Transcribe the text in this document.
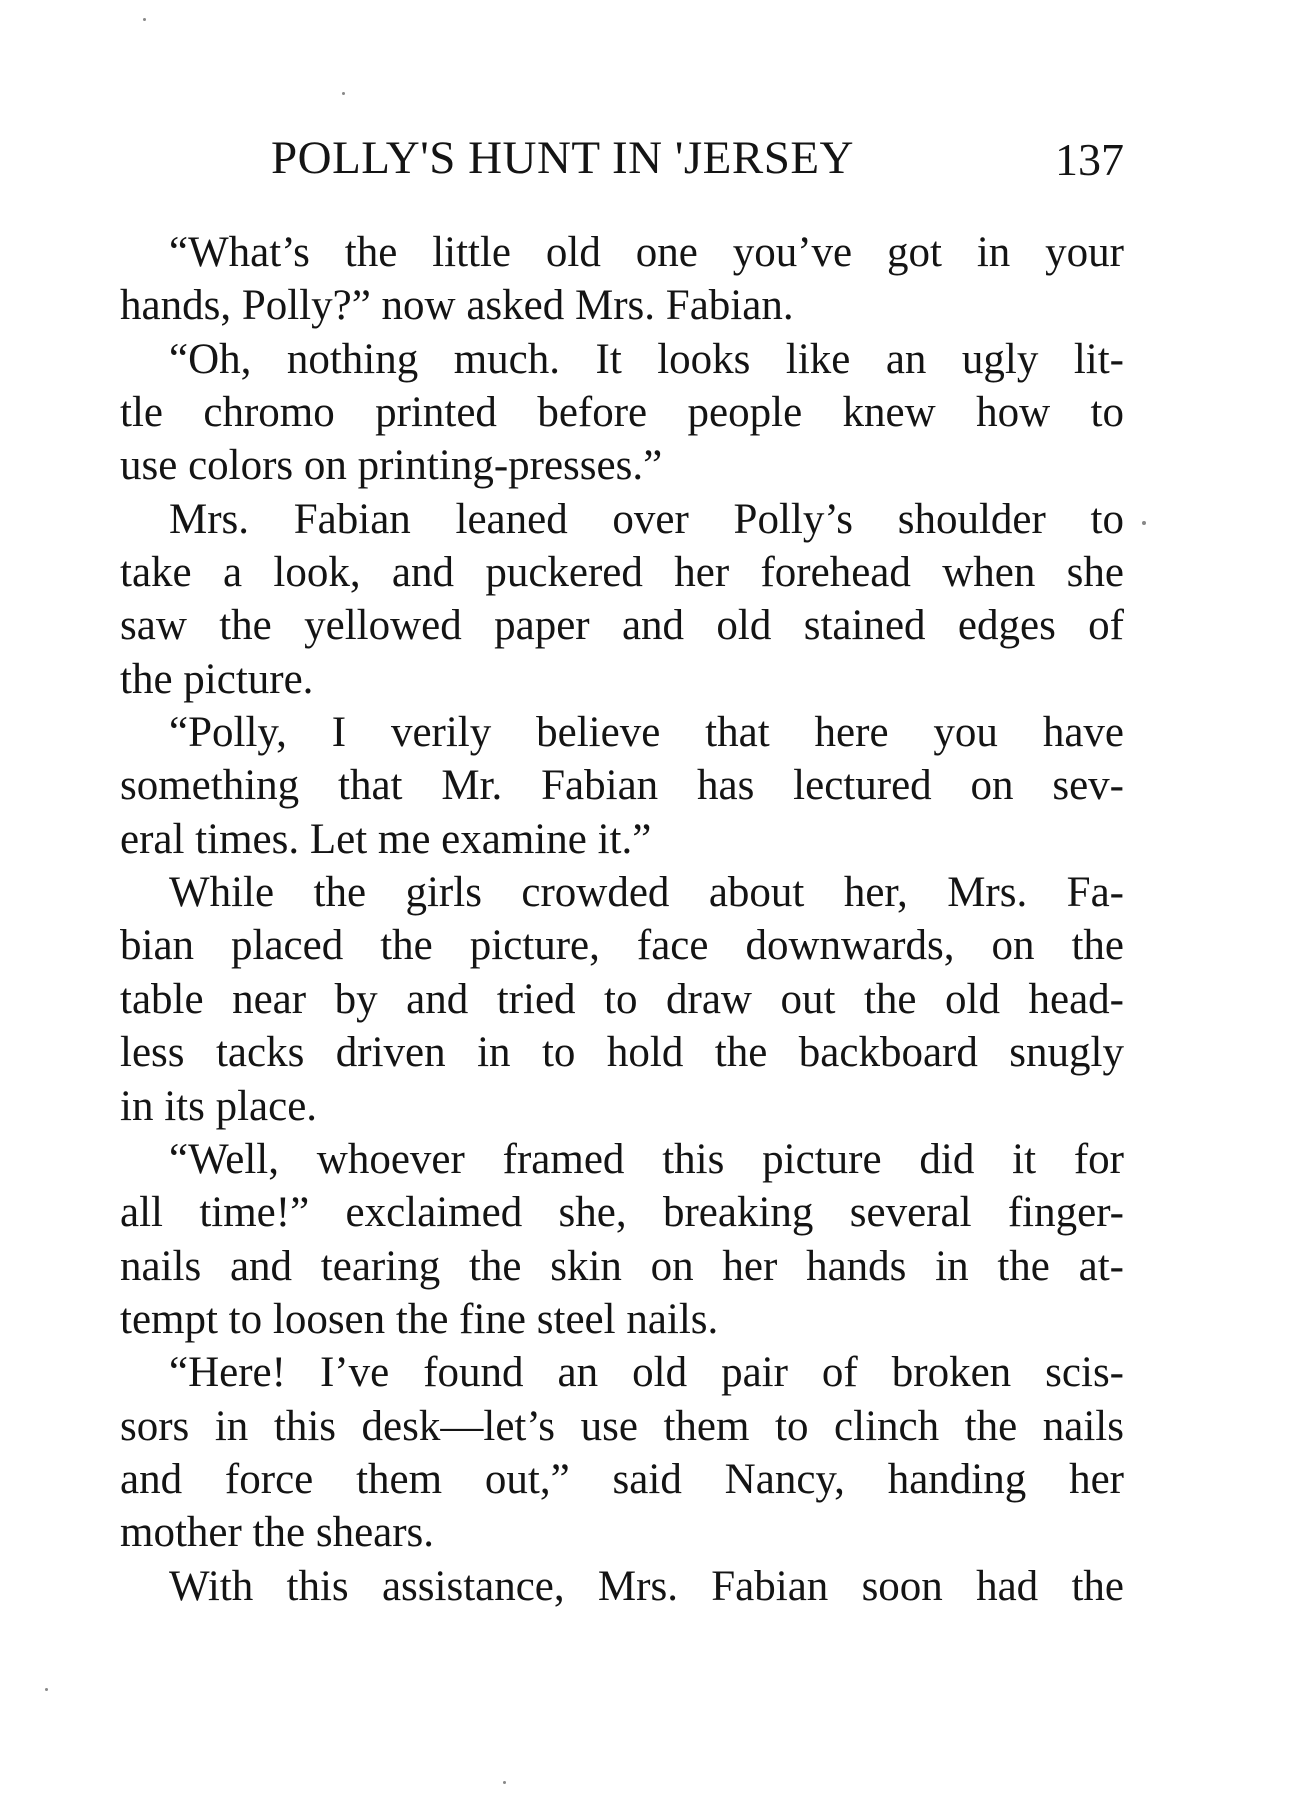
POLLY'S HUNT IN 'JERSEY	137
“What’s the little old one you’ve got in your
hands, Polly?” now asked Mrs. Fabian.
“Oh, nothing much. It looks like an ugly lit-
tle chromo printed before people knew how to
use colors on printing-presses.”
Mrs. Fabian leaned over Polly’s shoulder to
take a look, and puckered her forehead when she
saw the yellowed paper and old stained edges of
the picture.
“Polly, I verily believe that here you have
something that Mr. Fabian has lectured on sev-
eral times. Let me examine it.”
While the girls crowded about her, Mrs. Fa-
bian placed the picture, face downwards, on the
table near by and tried to draw out the old head-
less tacks driven in to hold the backboard snugly
in its place.
“Well, whoever framed this picture did it for
all time!” exclaimed she, breaking several finger-
nails and tearing the skin on her hands in the at-
tempt to loosen the fine steel nails.
“Here! I’ve found an old pair of broken scis-
sors in this desk—let’s use them to clinch the nails
and force them out,” said Nancy, handing her
mother the shears.
With this assistance, Mrs. Fabian soon had the
